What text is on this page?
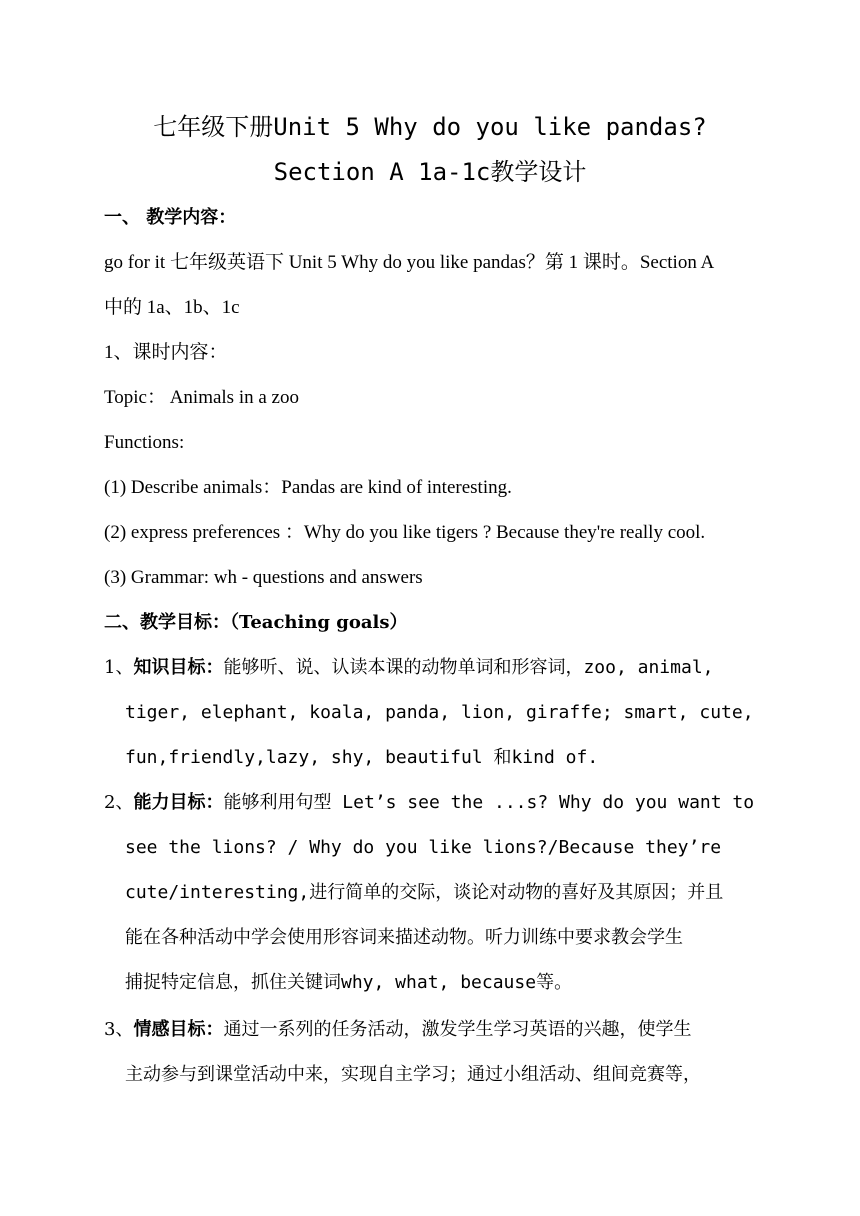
七年级下册Unit 5 Why do you like pandas?
Section A 1a-1c教学设计
一、 教学内容：
go for it 七年级英语下 Unit 5 Why do you like pandas？第 1 课时。Section A
中的 1a、1b、1c
1、课时内容：
Topic： Animals in a zoo
Functions:
(1) Describe animals：Pandas are kind of interesting.
(2) express preferences ：Why do you like tigers ? Because they're really cool.
(3) Grammar: wh - questions and answers
二、教学目标：（Teaching goals）
1、知识目标：能够听、说、认读本课的动物单词和形容词，zoo, animal,
tiger, elephant, koala, panda, lion, giraffe; smart, cute,
fun,friendly,lazy, shy, beautiful 和kind of.
2、能力目标：能够利用句型 Let’s see the ...s? Why do you want to
see the lions? / Why do you like lions?/Because they’re
cute/interesting,进行简单的交际，谈论对动物的喜好及其原因；并且
能在各种活动中学会使用形容词来描述动物。听力训练中要求教会学生
捕捉特定信息，抓住关键词why, what, because等。
3、情感目标：通过一系列的任务活动，激发学生学习英语的兴趣，使学生
主动参与到课堂活动中来，实现自主学习；通过小组活动、组间竞赛等，
